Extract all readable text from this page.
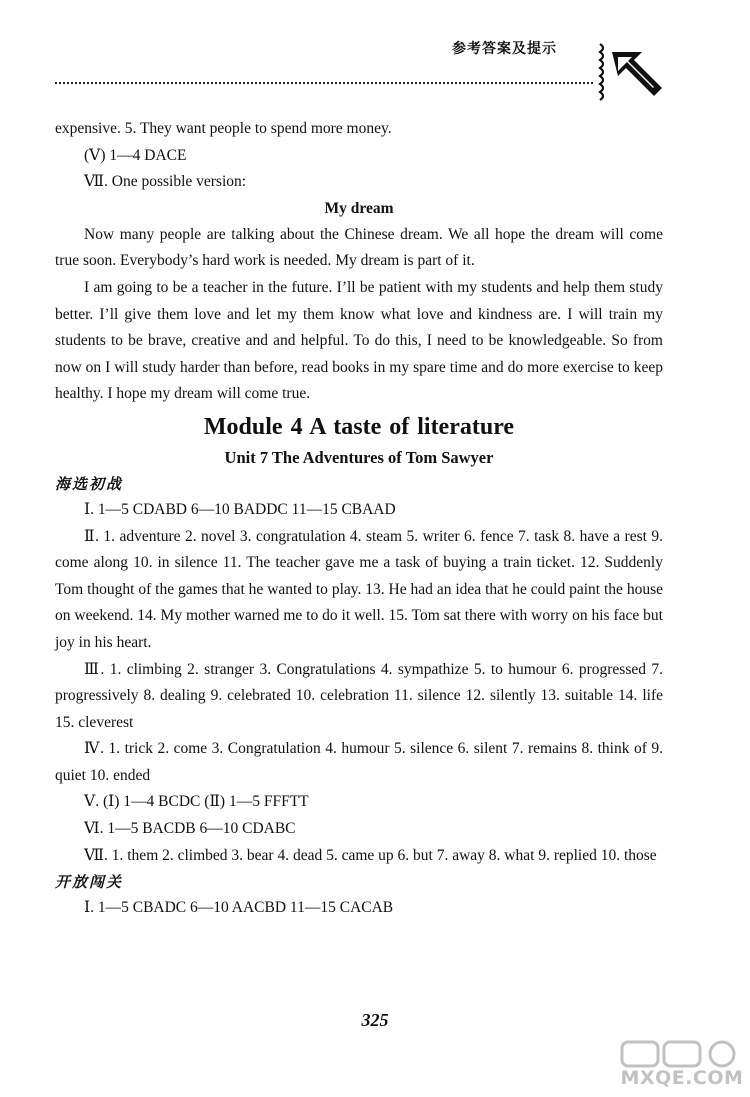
参考答案及提示

expensive. 5. They want people to spend more money.

(Ⅴ) 1—4 DACE

Ⅶ. One possible version:

My dream

Now many people are talking about the Chinese dream. We all hope the dream will come true soon. Everybody’s hard work is needed. My dream is part of it.

I am going to be a teacher in the future. I’ll be patient with my students and help them study better. I’ll give them love and let my them know what love and kindness are. I will train my students to be brave, creative and and helpful. To do this, I need to be knowledgeable. So from now on I will study harder than before, read books in my spare time and do more exercise to keep healthy. I hope my dream will come true.

Module 4 A taste of literature

Unit 7 The Adventures of Tom Sawyer

海选初战

Ⅰ. 1—5 CDABD 6—10 BADDC 11—15 CBAAD

Ⅱ. 1. adventure 2. novel 3. congratulation 4. steam 5. writer 6. fence 7. task 8. have a rest 9. come along 10. in silence 11. The teacher gave me a task of buying a train ticket. 12. Suddenly Tom thought of the games that he wanted to play. 13. He had an idea that he could paint the house on weekend. 14. My mother warned me to do it well. 15. Tom sat there with worry on his face but joy in his heart.

Ⅲ. 1. climbing 2. stranger 3. Congratulations 4. sympathize 5. to humour 6. progressed 7. progressively 8. dealing 9. celebrated 10. celebration 11. silence 12. silently 13. suitable 14. life 15. cleverest

Ⅳ. 1. trick 2. come 3. Congratulation 4. humour 5. silence 6. silent 7. remains 8. think of 9. quiet 10. ended

Ⅴ. (Ⅰ) 1—4 BCDC (Ⅱ) 1—5 FFFTT

Ⅵ. 1—5 BACDB 6—10 CDABC

Ⅶ. 1. them 2. climbed 3. bear 4. dead 5. came up 6. but 7. away 8. what 9. replied 10. those

开放闯关

Ⅰ. 1—5 CBADC 6—10 AACBD 11—15 CACAB

325
MXQE.COM
